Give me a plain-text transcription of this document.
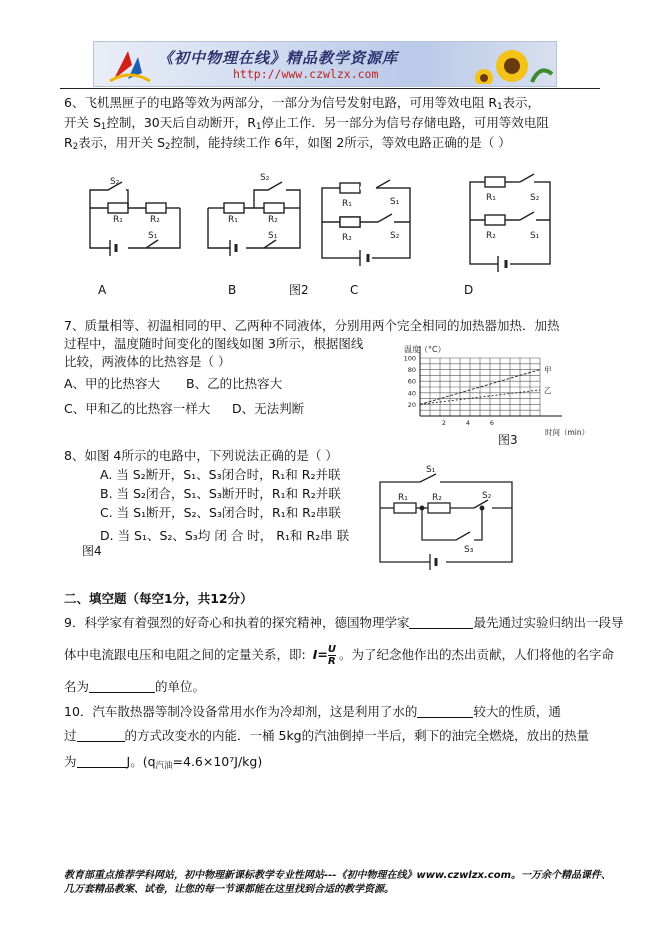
《初中物理在线》精品教学资源库
http://www.czwlzx.com
6、飞机黑匣子的电路等效为两部分，一部分为信号发射电路，可用等效电阻 $R_1$表示，
开关 $S_1$控制，30天后自动断开，$R_1$停止工作．另一部分为信号存储电路，可用等效电阻
$R_2$表示，用开关 $S_2$控制，能持续工作 6年，如图 2所示，等效电路正确的是（ ）
S₂
R₁	R₂
S₁
S₂
R₁	R₂
S₁
R₁	S₁
R₂	S₂
R₁	S₂
R₂	S₁
A	B	图2	C	D
7、质量相等、初温相同的甲、乙两种不同液体，分别用两个完全相同的加热器加热．加热
过程中，温度随时间变化的图线如图 3所示，根据图线
比较，两液体的比热容是（ ）
A、甲的比热容大 B、乙的比热容大
C、甲和乙的比热容一样大 D、无法判断
温度（°C）
时间（min）
20
40
60
80
100
2	4	6
甲
乙
图3
8、如图 4所示的电路中，下列说法正确的是（ ）
A. 当 S₂断开，S₁、S₃闭合时，R₁和 R₂并联
B. 当 S₂闭合，S₁、S₃断开时，R₁和 R₂并联
C. 当 S₁断开，S₂、S₃闭合时，R₁和 R₂串联
D. 当 S₁、S₂、S₃均 闭 合 时， R₁和 R₂串 联
图4
S₁
R₁	R₂	S₂
S₃
二、填空题（每空1分，共12分）
9．科学家有着强烈的好奇心和执着的探究精神，德国物理学家	最先通过实验归纳出一段导
体中电流跟电压和电阻之间的定量关系，即: $I= \frac{U}{R}$ 。为了纪念他作出的杰出贡献，人们将他的名字命
名为	的单位。
10．汽车散热器等制冷设备常用水作为冷却剂，这是利用了水的	较大的性质，通
过	的方式改变水的内能．一桶 5kg的汽油倒掉一半后，剩下的油完全燃烧，放出的热量
为	J。$(q_{汽油}=4.6\times 10^7J/kg)$
教育部重点推荐学科网站，初中物理新课标教学专业性网站---《初中物理在线》www.czwlzx.com。一万余个精品课件、
几万套精品教案、试卷，让您的每一节课都能在这里找到合适的教学资源。
